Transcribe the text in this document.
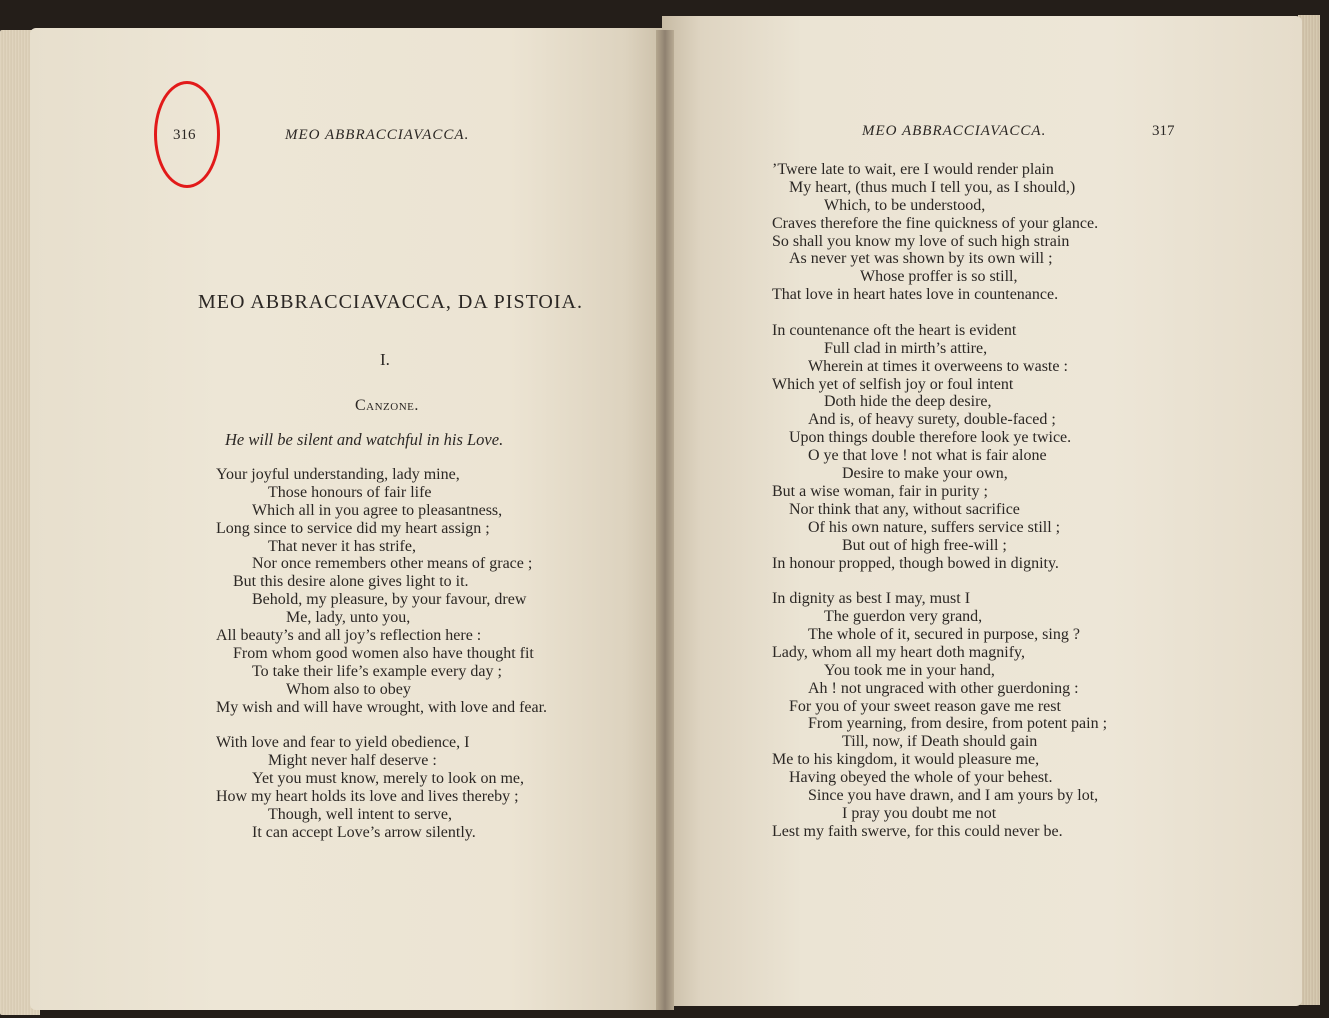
316	MEO ABBRACCIAVACCA.
MEO ABBRACCIAVACCA, DA PISTOIA.
I.
Canzone.
He will be silent and watchful in his Love.
Your joyful understanding, lady mine,
Those honours of fair life
Which all in you agree to pleasantness,
Long since to service did my heart assign ;
That never it has strife,
Nor once remembers other means of grace ;
But this desire alone gives light to it.
Behold, my pleasure, by your favour, drew
Me, lady, unto you,
All beauty’s and all joy’s reflection here :
From whom good women also have thought fit
To take their life’s example every day ;
Whom also to obey
My wish and will have wrought, with love and fear.
With love and fear to yield obedience, I
Might never half deserve :
Yet you must know, merely to look on me,
How my heart holds its love and lives thereby ;
Though, well intent to serve,
It can accept Love’s arrow silently.
MEO ABBRACCIAVACCA.	317
’Twere late to wait, ere I would render plain
My heart, (thus much I tell you, as I should,)
Which, to be understood,
Craves therefore the fine quickness of your glance.
So shall you know my love of such high strain
As never yet was shown by its own will ;
Whose proffer is so still,
That love in heart hates love in countenance.
In countenance oft the heart is evident
Full clad in mirth’s attire,
Wherein at times it overweens to waste :
Which yet of selfish joy or foul intent
Doth hide the deep desire,
And is, of heavy surety, double-faced ;
Upon things double therefore look ye twice.
O ye that love ! not what is fair alone
Desire to make your own,
But a wise woman, fair in purity ;
Nor think that any, without sacrifice
Of his own nature, suffers service still ;
But out of high free-will ;
In honour propped, though bowed in dignity.
In dignity as best I may, must I
The guerdon very grand,
The whole of it, secured in purpose, sing ?
Lady, whom all my heart doth magnify,
You took me in your hand,
Ah ! not ungraced with other guerdoning :
For you of your sweet reason gave me rest
From yearning, from desire, from potent pain ;
Till, now, if Death should gain
Me to his kingdom, it would pleasure me,
Having obeyed the whole of your behest.
Since you have drawn, and I am yours by lot,
I pray you doubt me not
Lest my faith swerve, for this could never be.
